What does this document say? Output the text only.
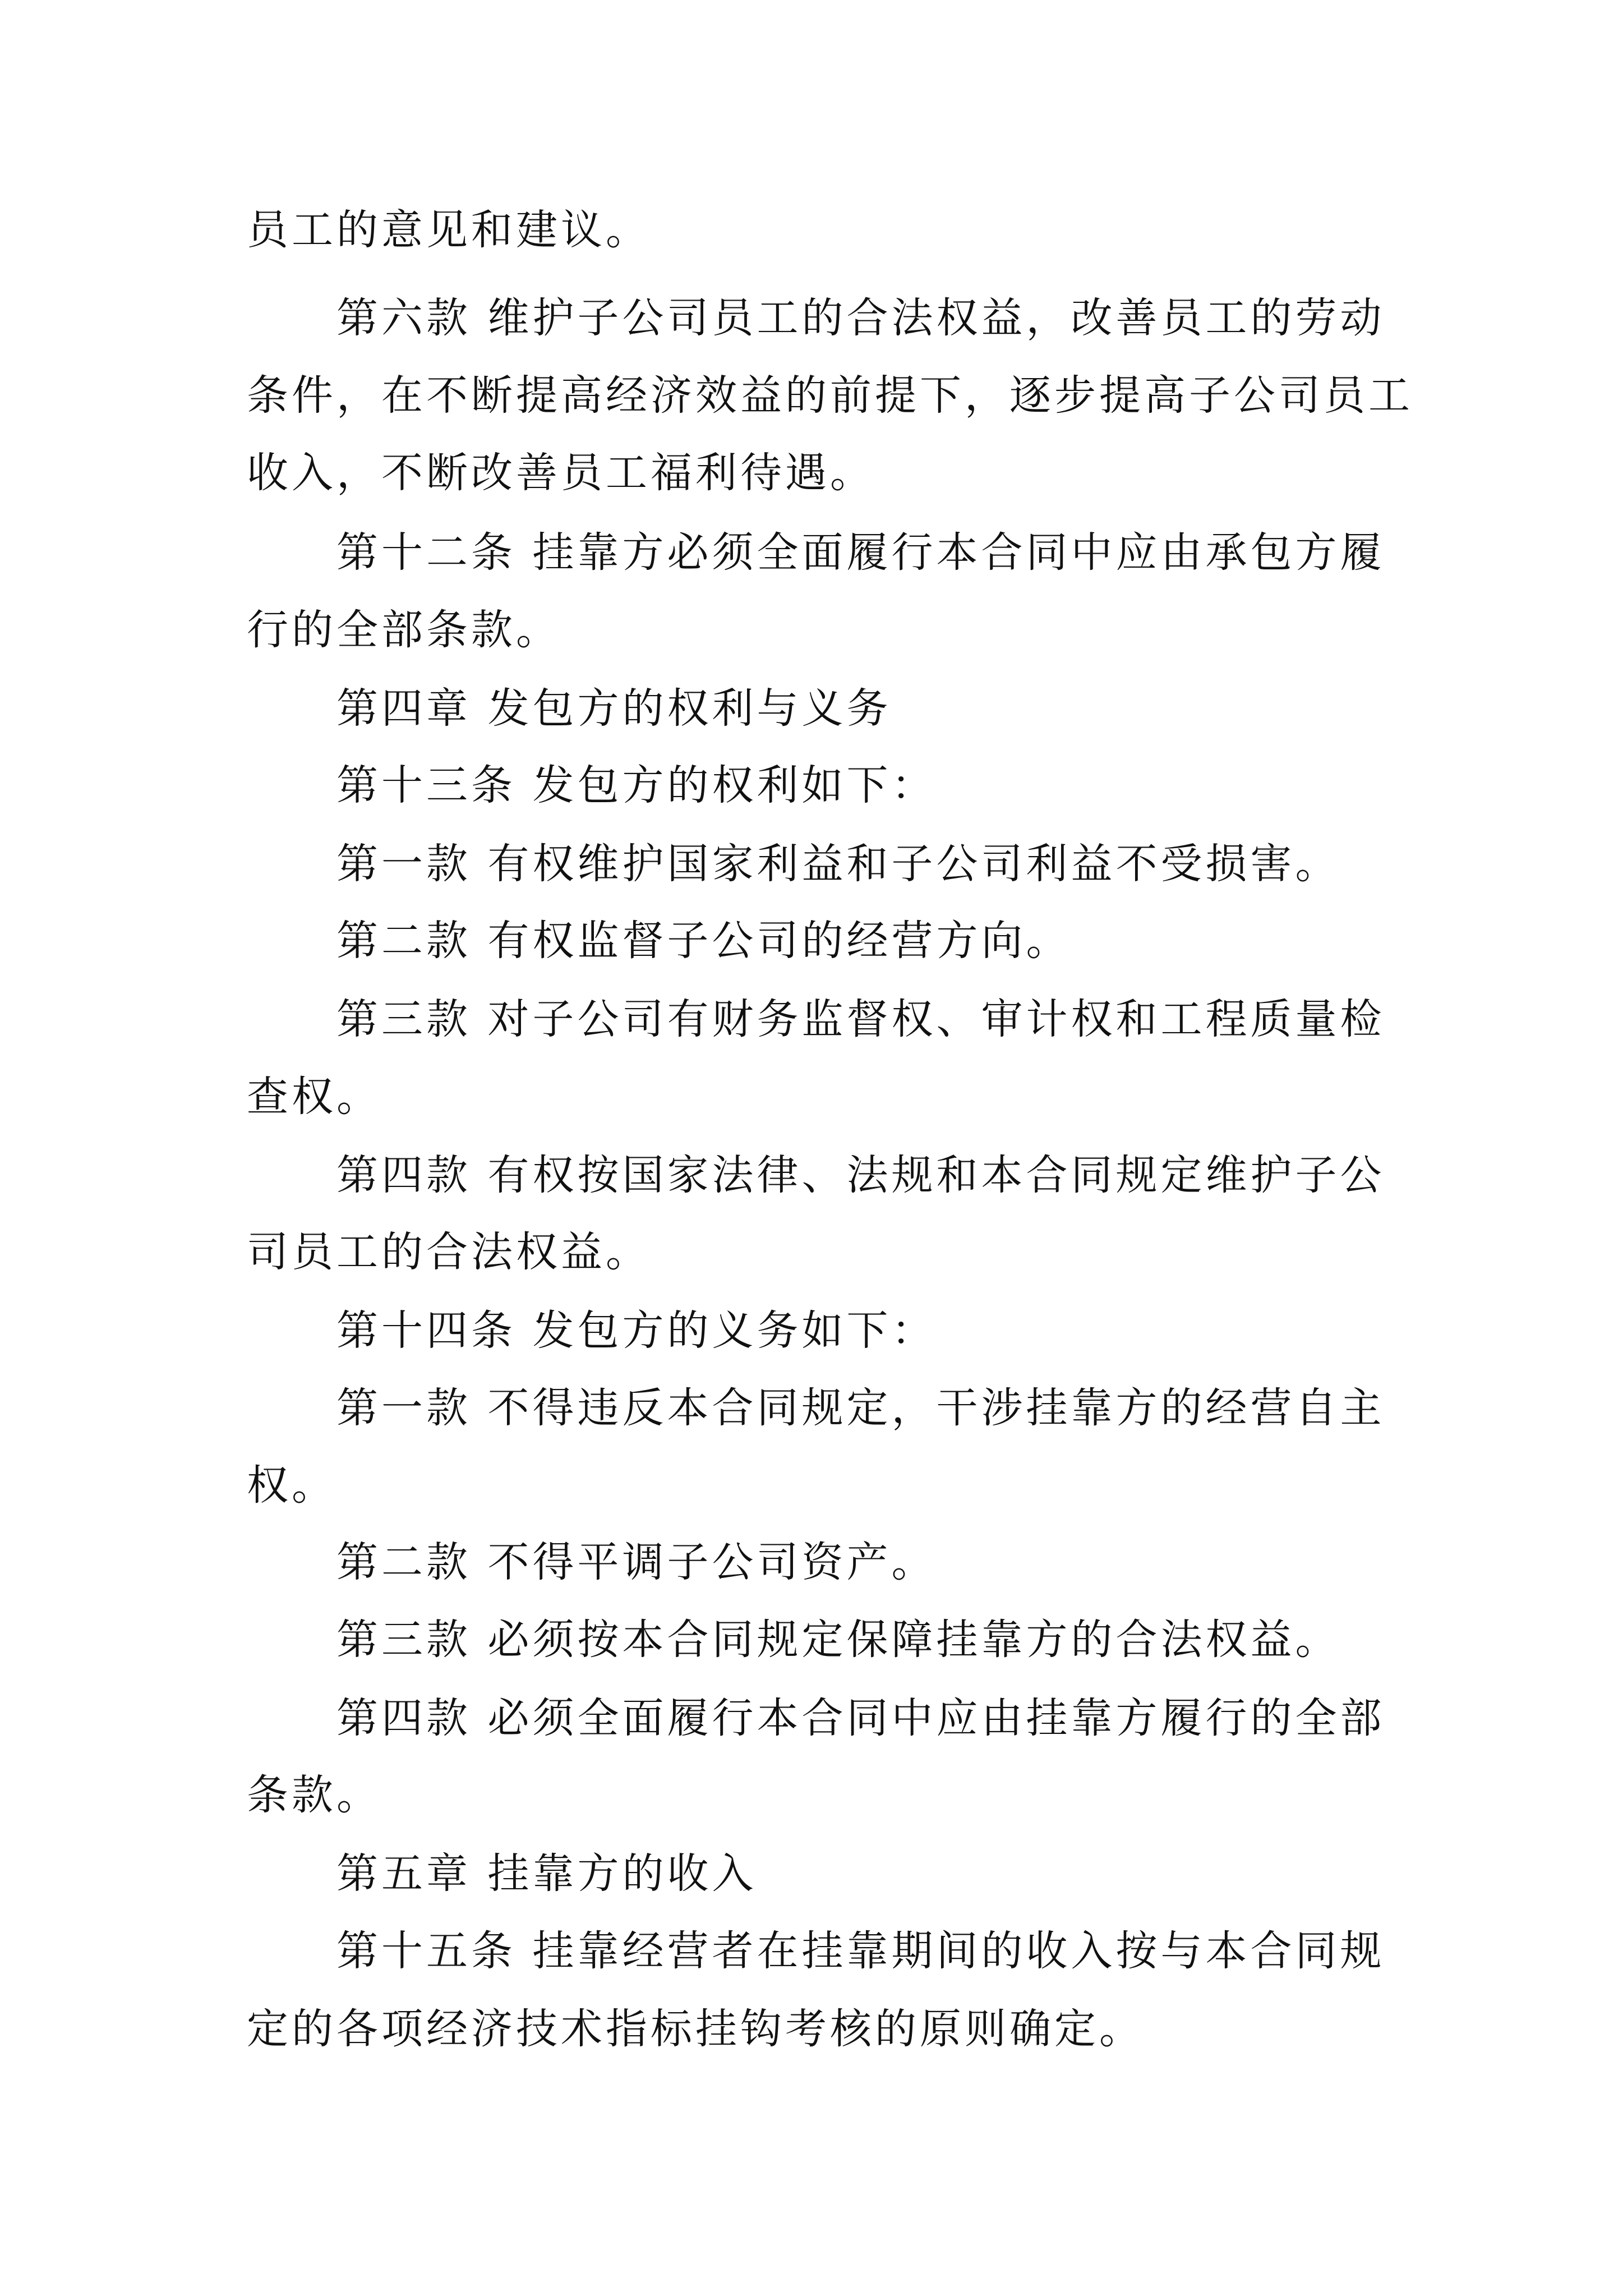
员工的意见和建议。

第六款 维护子公司员工的合法权益，改善员工的劳动

条件，在不断提高经济效益的前提下，逐步提高子公司员工

收入，不断改善员工福利待遇。

第十二条 挂靠方必须全面履行本合同中应由承包方履

行的全部条款。

第四章 发包方的权利与义务

第十三条 发包方的权利如下：

第一款 有权维护国家利益和子公司利益不受损害。

第二款 有权监督子公司的经营方向。

第三款 对子公司有财务监督权、审计权和工程质量检

查权。

第四款 有权按国家法律、法规和本合同规定维护子公

司员工的合法权益。

第十四条 发包方的义务如下：

第一款 不得违反本合同规定，干涉挂靠方的经营自主

权。

第二款 不得平调子公司资产。

第三款 必须按本合同规定保障挂靠方的合法权益。

第四款 必须全面履行本合同中应由挂靠方履行的全部

条款。

第五章 挂靠方的收入

第十五条 挂靠经营者在挂靠期间的收入按与本合同规

定的各项经济技术指标挂钩考核的原则确定。
